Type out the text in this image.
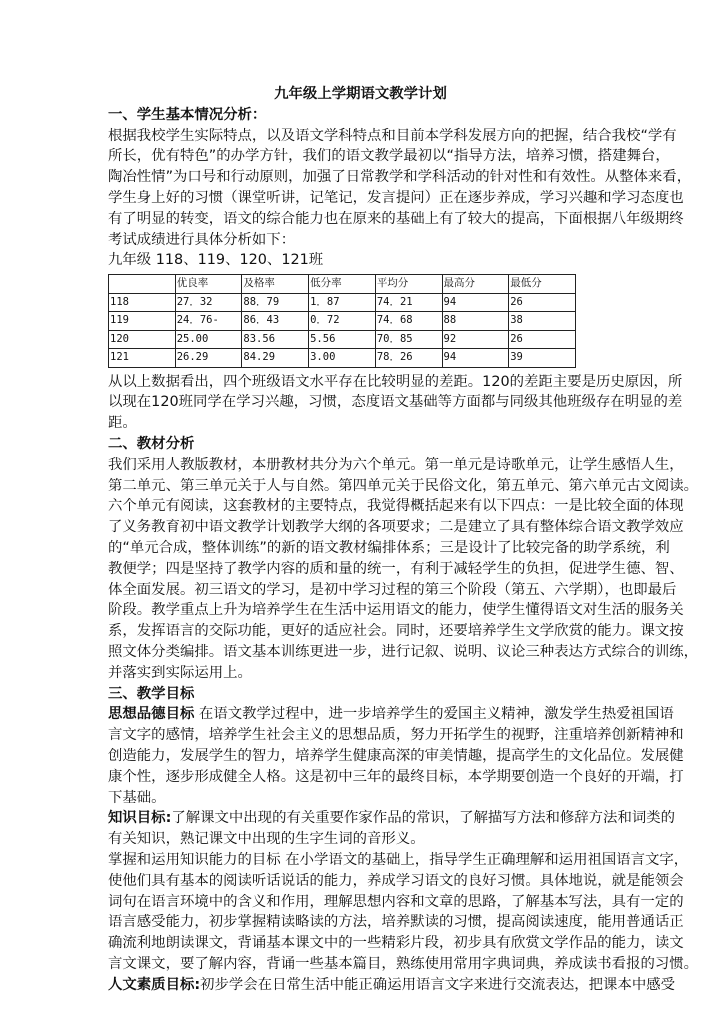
九年级上学期语文教学计划
一、学生基本情况分析：
根据我校学生实际特点，以及语文学科特点和目前本学科发展方向的把握，结合我校“学有
所长，优有特色”的办学方针，我们的语文教学最初以“指导方法，培养习惯，搭建舞台，
陶冶性情”为口号和行动原则，加强了日常教学和学科活动的针对性和有效性。从整体来看，
学生身上好的习惯（课堂听讲，记笔记，发言提问）正在逐步养成，学习兴趣和学习态度也
有了明显的转变，语文的综合能力也在原来的基础上有了较大的提高，下面根据八年级期终
考试成绩进行具体分析如下：
九年级 118、119、120、121班
	优良率	及格率	低分率	平均分	最高分	最低分
118	27．32	88．79	1．87	74．21	94	26
119	24．76-	86．43	0．72	74．68	88	38
120	25.00	83.56	5.56	70．85	92	26
121	26.29	84.29	3.00	78．26	94	39
从以上数据看出，四个班级语文水平存在比较明显的差距。120的差距主要是历史原因，所
以现在120班同学在学习兴趣，习惯，态度语文基础等方面都与同级其他班级存在明显的差
距。
二、教材分析
我们采用人教版教材，本册教材共分为六个单元。第一单元是诗歌单元，让学生感悟人生，
第二单元、第三单元关于人与自然。第四单元关于民俗文化，第五单元、第六单元古文阅读。
六个单元有阅读，这套教材的主要特点，我觉得概括起来有以下四点：一是比较全面的体现
了义务教育初中语文教学计划教学大纲的各项要求；二是建立了具有整体综合语文教学效应
的“单元合成，整体训练”的新的语文教材编排体系；三是设计了比较完备的助学系统，利
教便学；四是坚持了教学内容的质和量的统一，有利于减轻学生的负担，促进学生德、智、
体全面发展。初三语文的学习，是初中学习过程的第三个阶段（第五、六学期），也即最后
阶段。教学重点上升为培养学生在生活中运用语文的能力，使学生懂得语文对生活的服务关
系，发挥语言的交际功能，更好的适应社会。同时，还要培养学生文学欣赏的能力。课文按
照文体分类编排。语文基本训练更进一步，进行记叙、说明、议论三种表达方式综合的训练，
并落实到实际运用上。
三、教学目标
思想品德目标 在语文教学过程中，进一步培养学生的爱国主义精神，激发学生热爱祖国语
言文字的感情，培养学生社会主义的思想品质，努力开拓学生的视野，注重培养创新精神和
创造能力，发展学生的智力，培养学生健康高深的审美情趣，提高学生的文化品位。发展健
康个性，逐步形成健全人格。这是初中三年的最终目标，本学期要创造一个良好的开端，打
下基础。
知识目标:了解课文中出现的有关重要作家作品的常识，了解描写方法和修辞方法和词类的
有关知识，熟记课文中出现的生字生词的音形义。
掌握和运用知识能力的目标 在小学语文的基础上，指导学生正确理解和运用祖国语言文字，
使他们具有基本的阅读听话说话的能力，养成学习语文的良好习惯。具体地说，就是能领会
词句在语言环境中的含义和作用，理解思想内容和文章的思路，了解基本写法，具有一定的
语言感受能力，初步掌握精读略读的方法，培养默读的习惯，提高阅读速度，能用普通话正
确流利地朗读课文，背诵基本课文中的一些精彩片段，初步具有欣赏文学作品的能力，读文
言文课文，要了解内容，背诵一些基本篇目，熟练使用常用字典词典，养成读书看报的习惯。
人文素质目标:初步学会在日常生活中能正确运用语言文字来进行交流表达，把课本中感受
